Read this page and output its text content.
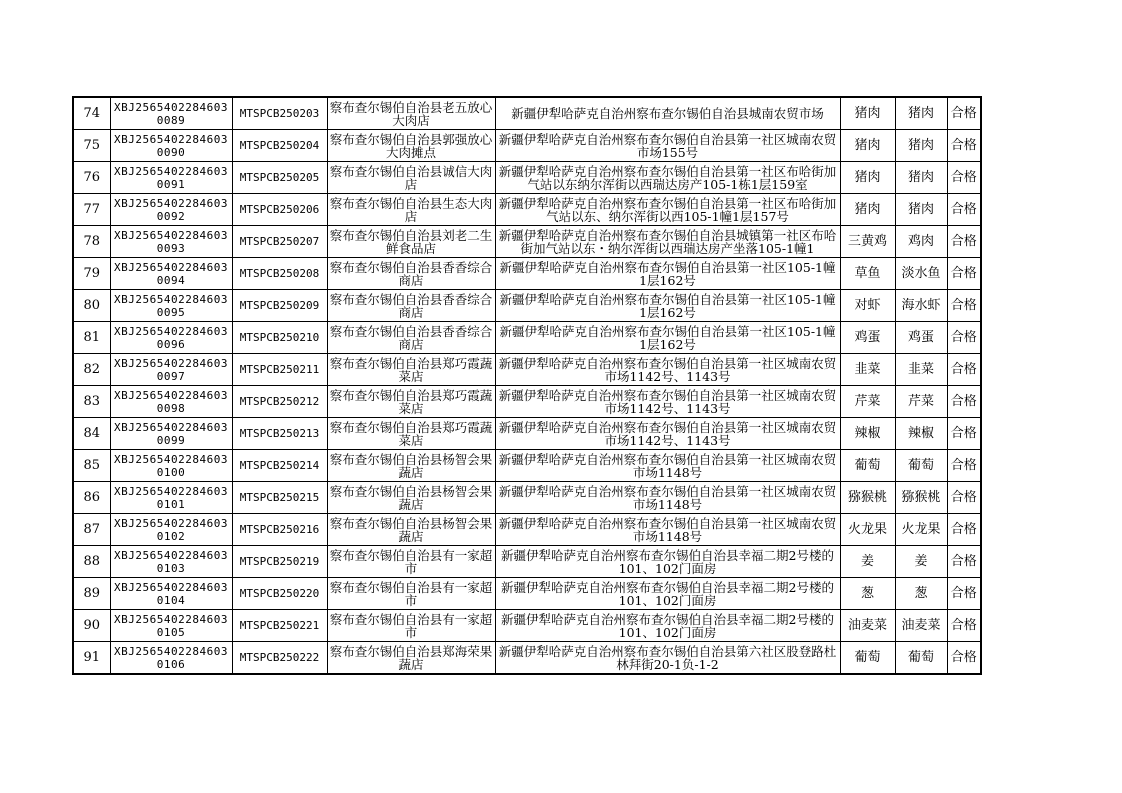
74	XBJ25654022846030089	MTSPCB250203	察布查尔锡伯自治县老五放心大肉店	新疆伊犁哈萨克自治州察布查尔锡伯自治县城南农贸市场	猪肉	猪肉	合格
75	XBJ25654022846030090	MTSPCB250204	察布查尔锡伯自治县郭强放心大肉摊点	新疆伊犁哈萨克自治州察布查尔锡伯自治县第一社区城南农贸市场155号	猪肉	猪肉	合格
76	XBJ25654022846030091	MTSPCB250205	察布查尔锡伯自治县诚信大肉店	新疆伊犁哈萨克自治州察布查尔锡伯自治县第一社区布哈街加气站以东纳尔浑街以西瑞达房产105-1栋1层159室	猪肉	猪肉	合格
77	XBJ25654022846030092	MTSPCB250206	察布查尔锡伯自治县生态大肉店	新疆伊犁哈萨克自治州察布查尔锡伯自治县第一社区布哈街加气站以东、纳尔浑街以西105-1幢1层157号	猪肉	猪肉	合格
78	XBJ25654022846030093	MTSPCB250207	察布查尔锡伯自治县刘老二生鲜食品店	新疆伊犁哈萨克自治州察布查尔锡伯自治县城镇第一社区布哈街加气站以东・纳尔浑街以西瑞达房产坐落105-1幢1	三黄鸡	鸡肉	合格
79	XBJ25654022846030094	MTSPCB250208	察布查尔锡伯自治县香香综合商店	新疆伊犁哈萨克自治州察布查尔锡伯自治县第一社区105-1幢1层162号	草鱼	淡水鱼	合格
80	XBJ25654022846030095	MTSPCB250209	察布查尔锡伯自治县香香综合商店	新疆伊犁哈萨克自治州察布查尔锡伯自治县第一社区105-1幢1层162号	对虾	海水虾	合格
81	XBJ25654022846030096	MTSPCB250210	察布查尔锡伯自治县香香综合商店	新疆伊犁哈萨克自治州察布查尔锡伯自治县第一社区105-1幢1层162号	鸡蛋	鸡蛋	合格
82	XBJ25654022846030097	MTSPCB250211	察布查尔锡伯自治县郑巧霞蔬菜店	新疆伊犁哈萨克自治州察布查尔锡伯自治县第一社区城南农贸市场1142号、1143号	韭菜	韭菜	合格
83	XBJ25654022846030098	MTSPCB250212	察布查尔锡伯自治县郑巧霞蔬菜店	新疆伊犁哈萨克自治州察布查尔锡伯自治县第一社区城南农贸市场1142号、1143号	芹菜	芹菜	合格
84	XBJ25654022846030099	MTSPCB250213	察布查尔锡伯自治县郑巧霞蔬菜店	新疆伊犁哈萨克自治州察布查尔锡伯自治县第一社区城南农贸市场1142号、1143号	辣椒	辣椒	合格
85	XBJ25654022846030100	MTSPCB250214	察布查尔锡伯自治县杨智会果蔬店	新疆伊犁哈萨克自治州察布查尔锡伯自治县第一社区城南农贸市场1148号	葡萄	葡萄	合格
86	XBJ25654022846030101	MTSPCB250215	察布查尔锡伯自治县杨智会果蔬店	新疆伊犁哈萨克自治州察布查尔锡伯自治县第一社区城南农贸市场1148号	猕猴桃	猕猴桃	合格
87	XBJ25654022846030102	MTSPCB250216	察布查尔锡伯自治县杨智会果蔬店	新疆伊犁哈萨克自治州察布查尔锡伯自治县第一社区城南农贸市场1148号	火龙果	火龙果	合格
88	XBJ25654022846030103	MTSPCB250219	察布查尔锡伯自治县有一家超市	新疆伊犁哈萨克自治州察布查尔锡伯自治县幸福二期2号楼的101、102门面房	姜	姜	合格
89	XBJ25654022846030104	MTSPCB250220	察布查尔锡伯自治县有一家超市	新疆伊犁哈萨克自治州察布查尔锡伯自治县幸福二期2号楼的101、102门面房	葱	葱	合格
90	XBJ25654022846030105	MTSPCB250221	察布查尔锡伯自治县有一家超市	新疆伊犁哈萨克自治州察布查尔锡伯自治县幸福二期2号楼的101、102门面房	油麦菜	油麦菜	合格
91	XBJ25654022846030106	MTSPCB250222	察布查尔锡伯自治县郑海荣果蔬店	新疆伊犁哈萨克自治州察布查尔锡伯自治县第六社区股登路杜林拜街20-1负-1-2	葡萄	葡萄	合格
